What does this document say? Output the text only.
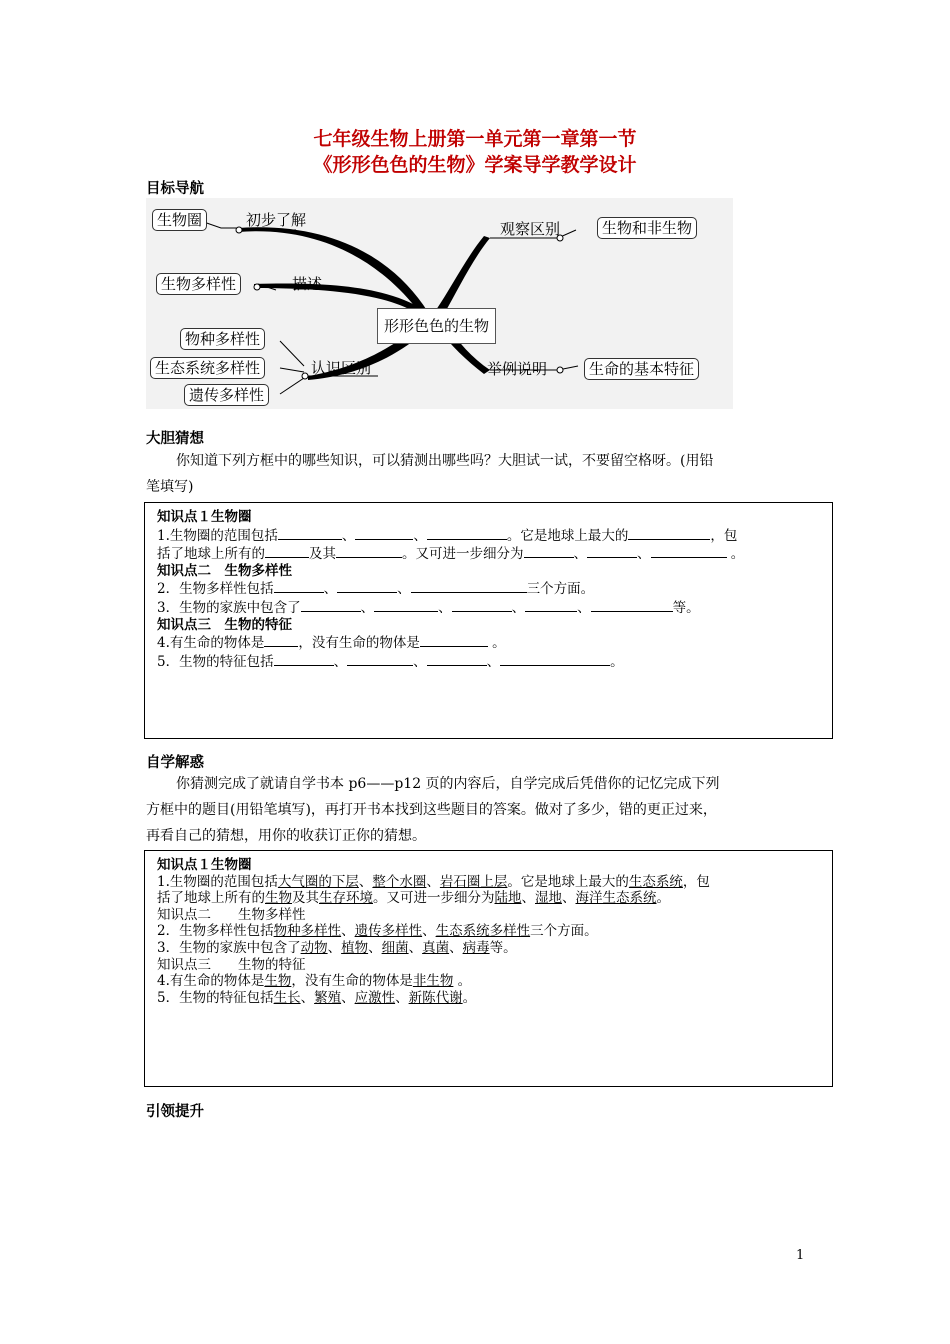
七年级生物上册第一单元第一章第一节
《形形色色的生物》学案导学教学设计
目标导航
形形色色的生物
生物圈	初步了解
生物多样性	描述
物种多样性
生态系统多样性
遗传多样性
认识区别
观察区别	生物和非生物
举例说明	生命的基本特征
大胆猜想
你知道下列方框中的哪些知识，可以猜测出哪些吗？大胆试一试，不要留空格呀。(用铅
笔填写)
知识点１生物圈
1.生物圈的范围包括	、	、	。它是地球上最大的	，包
括了地球上所有的	及其	。又可进一步细分为	、	、	。
知识点二　生物多样性
2．生物多样性包括	、	、	三个方面。
3．生物的家族中包含了	、	、	、	、	等。
知识点三　生物的特征
4.有生命的物体是	，没有生命的物体是	。
5．生物的特征包括	、	、	、	。
自学解惑
你猜测完成了就请自学书本 p6——p12 页的内容后，自学完成后凭借你的记忆完成下列
方框中的题目(用铅笔填写)，再打开书本找到这些题目的答案。做对了多少，错的更正过来，
再看自己的猜想，用你的收获订正你的猜想。
知识点１生物圈
1.生物圈的范围包括大气圈的下层、整个水圈、岩石圈上层。它是地球上最大的生态系统，包
括了地球上所有的生物及其生存环境。又可进一步细分为陆地、湿地、海洋生态系统。
知识点二　　生物多样性
2．生物多样性包括物种多样性、遗传多样性、生态系统多样性三个方面。
3．生物的家族中包含了动物、植物、细菌、真菌、病毒等。
知识点三　　生物的特征
4.有生命的物体是生物，没有生命的物体是非生物 。
5．生物的特征包括生长、繁殖、应激性、新陈代谢。
引领提升
1
